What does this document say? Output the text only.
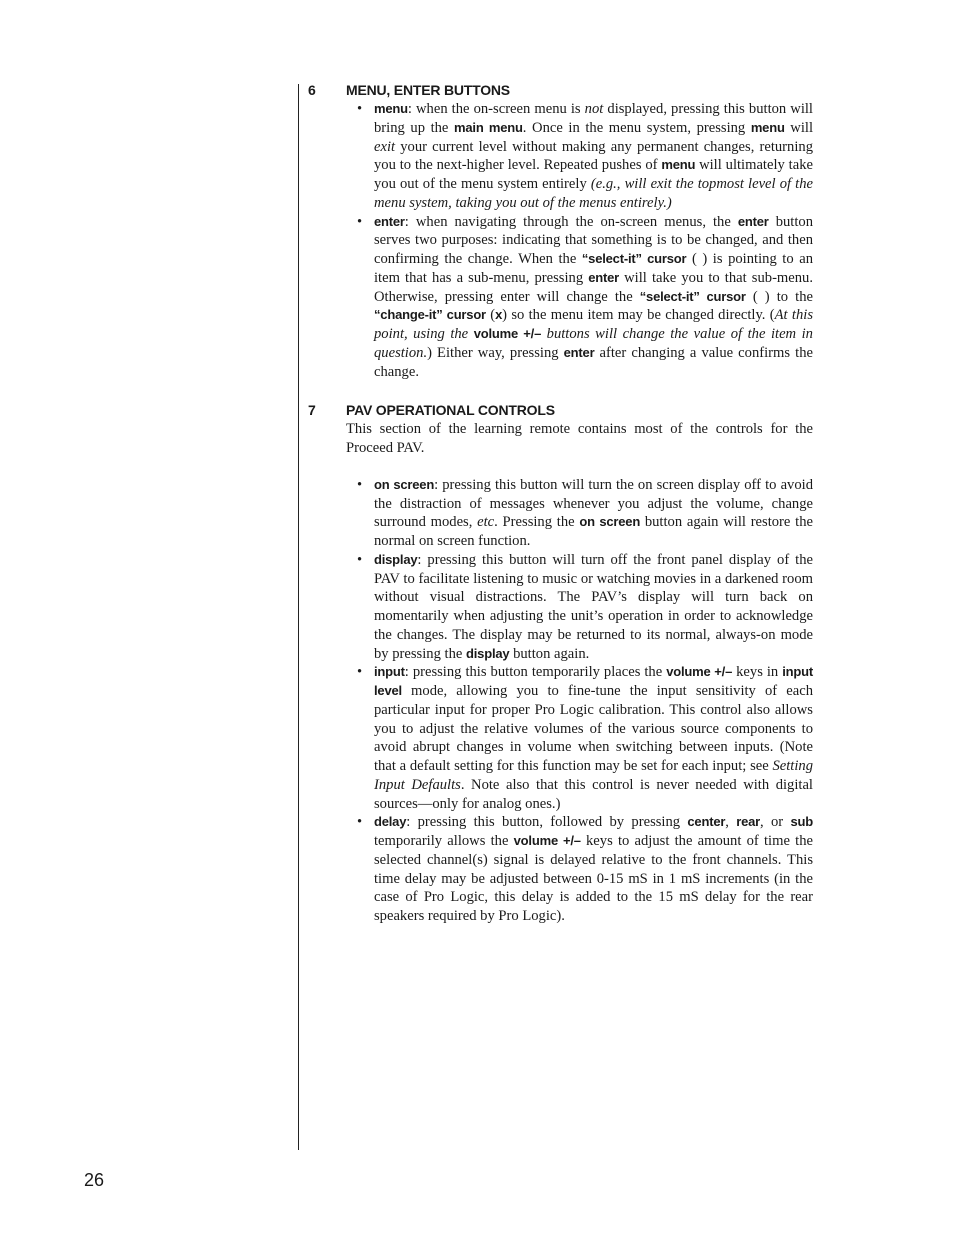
6	MENU, ENTER BUTTONS
• menu: when the on-screen menu is not displayed, pressing this button will bring up the main menu. Once in the menu system, pressing menu will exit your current level without making any permanent changes, returning you to the next-higher level. Repeated pushes of menu will ultimately take you out of the menu system entirely (e.g., will exit the topmost level of the menu system, taking you out of the menus entirely.)
• enter: when navigating through the on-screen menus, the enter button serves two purposes: indicating that something is to be changed, and then confirming the change. When the “select-it” cursor ( ) is pointing to an item that has a sub-menu, pressing enter will take you to that sub-menu. Otherwise, pressing enter will change the “select-it” cursor ( ) to the “change-it” cursor (x) so the menu item may be changed directly. (At this point, using the volume +/– buttons will change the value of the item in question.) Either way, pressing enter after changing a value confirms the change.
7	PAV OPERATIONAL CONTROLS
This section of the learning remote contains most of the controls for the Proceed PAV.
• on screen: pressing this button will turn the on screen display off to avoid the distraction of messages whenever you adjust the volume, change surround modes, etc. Pressing the on screen button again will restore the normal on screen function.
• display: pressing this button will turn off the front panel display of the PAV to facilitate listening to music or watching movies in a darkened room without visual distractions. The PAV’s display will turn back on momentarily when adjusting the unit’s operation in order to acknowledge the changes. The display may be returned to its normal, always-on mode by pressing the display button again.
• input: pressing this button temporarily places the volume +/– keys in input level mode, allowing you to fine-tune the input sensitivity of each particular input for proper Pro Logic calibration. This control also allows you to adjust the relative volumes of the various source components to avoid abrupt changes in volume when switching between inputs. (Note that a default setting for this function may be set for each input; see Setting Input Defaults. Note also that this control is never needed with digital sources—only for analog ones.)
• delay: pressing this button, followed by pressing center, rear, or sub temporarily allows the volume +/– keys to adjust the amount of time the selected channel(s) signal is delayed relative to the front channels. This time delay may be adjusted between 0-15 mS in 1 mS increments (in the case of Pro Logic, this delay is added to the 15 mS delay for the rear speakers required by Pro Logic).
26
